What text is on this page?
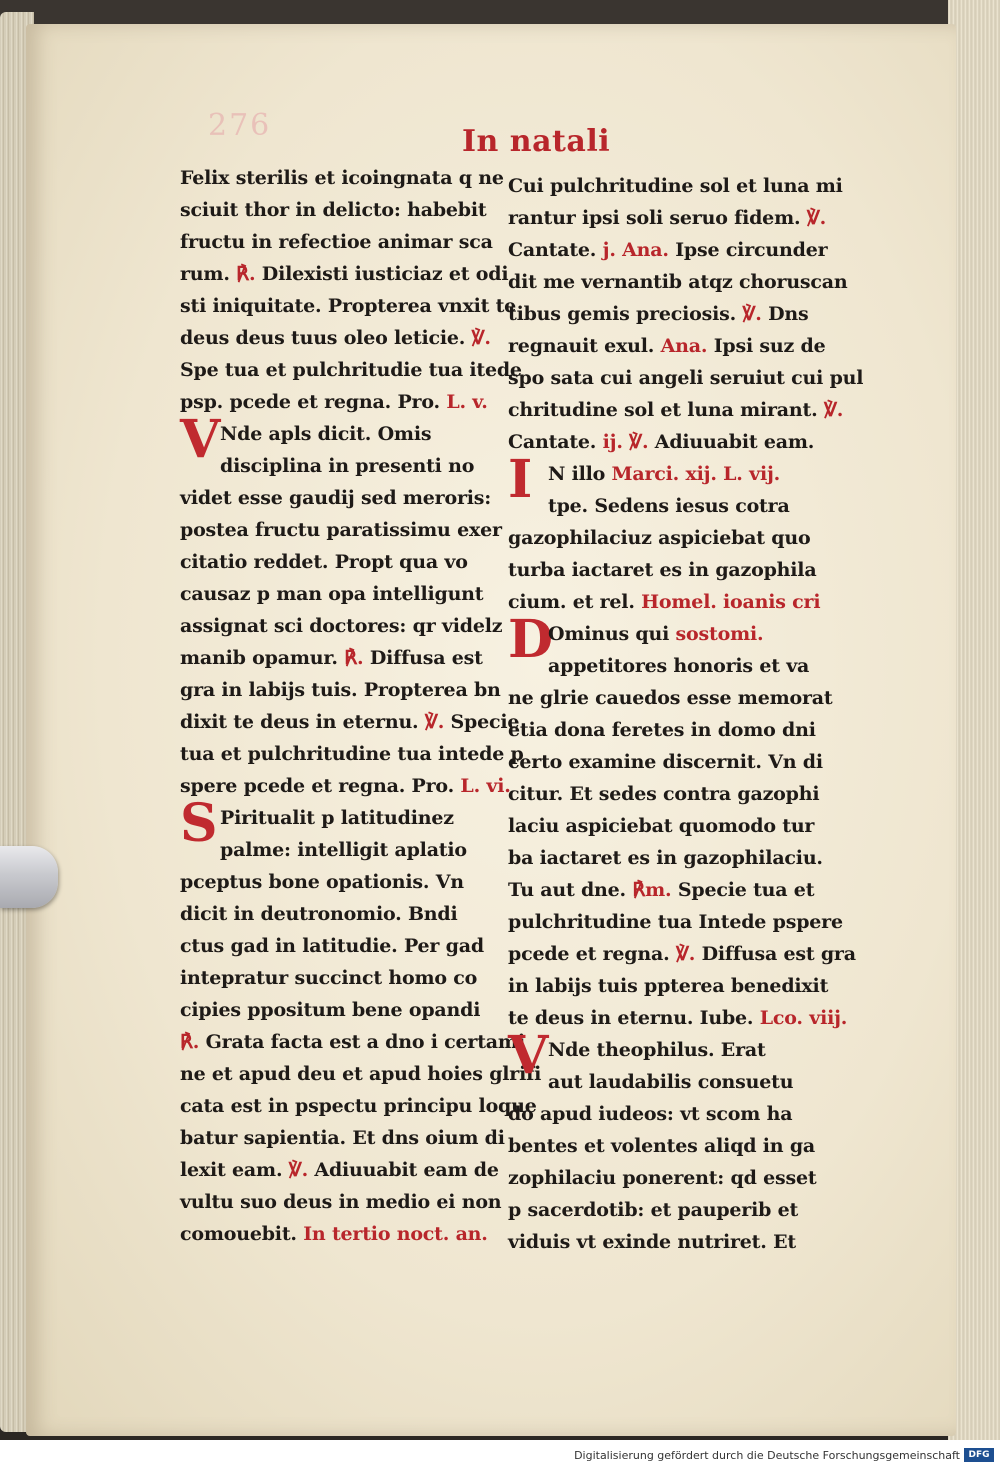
276	In natali
Felix sterilis et icoingnata q ne
sciuit thor in delicto: habebit
fructu in refectioe animar sca
rum. ℟. Dilexisti iusticiaz et odi
sti iniquitate. Propterea vnxit te
deus deus tuus oleo leticie. ℣.
Spe tua et pulchritudie tua itede
psp. pcede et regna. Pro. L. v.
VNde apls dicit. Omis
disciplina in presenti no
videt esse gaudij sed meroris:
postea fructu paratissimu exer
citatio reddet. Propt qua vo
causaz p man opa intelligunt
assignat sci doctores: qr videlz
manib opamur. ℟. Diffusa est
gra in labijs tuis. Propterea bn
dixit te deus in eternu. ℣. Specie
tua et pulchritudine tua intede p
spere pcede et regna. Pro. L. vi.
S Piritualit p latitudinez
palme: intelligit aplatio
pceptus bone opationis. Vn
dicit in deutronomio. Bndi
ctus gad in latitudie. Per gad
intepratur succinct homo co
cipies ppositum bene opandi
℟. Grata facta est a dno i certami
ne et apud deu et apud hoies glrifi
cata est in pspectu principu loque
batur sapientia. Et dns oium di
lexit eam. ℣. Adiuuabit eam de
vultu suo deus in medio ei non
comouebit. In tertio noct. an.
Cui pulchritudine sol et luna mi
rantur ipsi soli seruo fidem. ℣.
Cantate. j. Ana. Ipse circunder
dit me vernantib atqz choruscan
tibus gemis preciosis. ℣. Dns
regnauit exul. Ana. Ipsi suz de
spo sata cui angeli seruiut cui pul
chritudine sol et luna mirant. ℣.
Cantate. ij. ℣. Adiuuabit eam.
I N illo Marci. xij. L. vij.
tpe. Sedens iesus cotra
gazophilaciuz aspiciebat quo
turba iactaret es in gazophila
cium. et rel. Homel. ioanis cri
DOminus qui sostomi.
appetitores honoris et va
ne glrie cauedos esse memorat
etia dona feretes in domo dni
certo examine discernit. Vn di
citur. Et sedes contra gazophi
laciu aspiciebat quomodo tur
ba iactaret es in gazophilaciu.
Tu aut dne. ℟m. Specie tua et
pulchritudine tua Intede pspere
pcede et regna. ℣. Diffusa est gra
in labijs tuis ppterea benedixit
te deus in eternu. Iube. Lco. viij.
VNde theophilus. Erat
aut laudabilis consuetu
do apud iudeos: vt scom ha
bentes et volentes aliqd in ga
zophilaciu ponerent: qd esset
p sacerdotib: et pauperib et
viduis vt exinde nutriret. Et
Digitalisierung gefördert durch die Deutsche Forschungsgemeinschaft DFG
